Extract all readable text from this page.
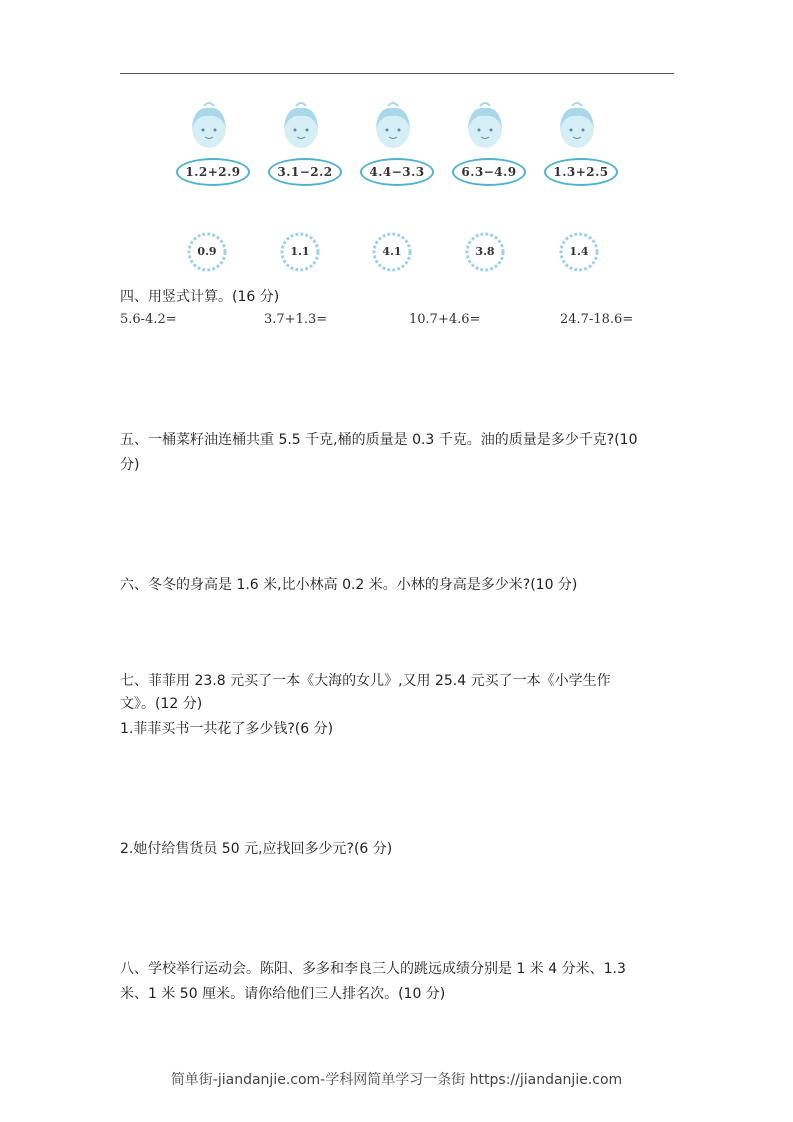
1.2+2.9	3.1−2.2	4.4−3.3	6.3−4.9	1.3+2.5
0.9	1.1	4.1	3.8	1.4
四、用竖式计算。(16 分)
5.6-4.2=	3.7+1.3=	10.7+4.6=	24.7-18.6=
五、一桶菜籽油连桶共重 5.5 千克,桶的质量是 0.3 千克。油的质量是多少千克?(10
分)
六、冬冬的身高是 1.6 米,比小林高 0.2 米。小林的身高是多少米?(10 分)
七、菲菲用 23.8 元买了一本《大海的女儿》,又用 25.4 元买了一本《小学生作
文》。(12 分)
1.菲菲买书一共花了多少钱?(6 分)
2.她付给售货员 50 元,应找回多少元?(6 分)
八、学校举行运动会。陈阳、多多和李良三人的跳远成绩分别是 1 米 4 分米、1.3
米、1 米 50 厘米。请你给他们三人排名次。(10 分)
简单街-jiandanjie.com-学科网简单学习一条街 https://jiandanjie.com
